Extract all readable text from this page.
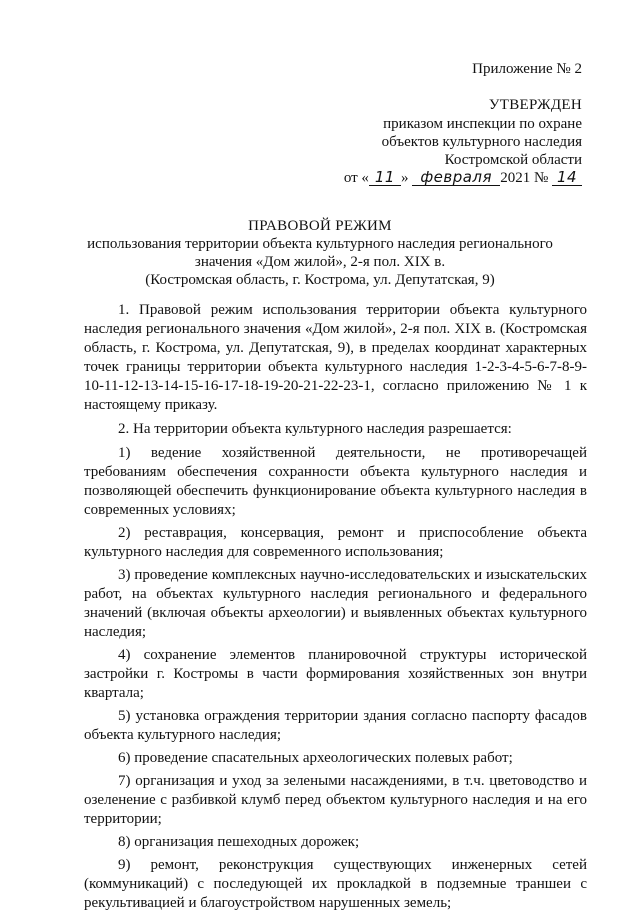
Приложение № 2
УТВЕРЖДЕН
приказом инспекции по охране
объектов культурного наследия
Костромской области
от « 11 » февраля 2021 № 14
ПРАВОВОЙ РЕЖИМ
использования территории объекта культурного наследия регионального
значения «Дом жилой», 2-я пол. XIX в.
(Костромская область, г. Кострома, ул. Депутатская, 9)

1. Правовой режим использования территории объекта культурного наследия регионального значения «Дом жилой», 2-я пол. XIX в. (Костромская область, г. Кострома, ул. Депутатская, 9), в пределах координат характерных точек границы территории объекта культурного наследия 1-2-3-4-5-6-7-8-9-10-11-12-13-14-15-16-17-18-19-20-21-22-23-1, согласно приложению № 1 к настоящему приказу.

2. На территории объекта культурного наследия разрешается:

1) ведение хозяйственной деятельности, не противоречащей требованиям обеспечения сохранности объекта культурного наследия и позволяющей обеспечить функционирование объекта культурного наследия в современных условиях;

2) реставрация, консервация, ремонт и приспособление объекта культурного наследия для современного использования;

3) проведение комплексных научно-исследовательских и изыскательских работ, на объектах культурного наследия регионального и федерального значений (включая объекты археологии) и выявленных объектах культурного наследия;

4) сохранение элементов планировочной структуры исторической застройки г. Костромы в части формирования хозяйственных зон внутри квартала;

5) установка ограждения территории здания согласно паспорту фасадов объекта культурного наследия;

6) проведение спасательных археологических полевых работ;

7) организация и уход за зелеными насаждениями, в т.ч. цветоводство и озеленение с разбивкой клумб перед объектом культурного наследия и на его территории;

8) организация пешеходных дорожек;

9) ремонт, реконструкция существующих инженерных сетей (коммуникаций) с последующей их прокладкой в подземные траншеи с рекультивацией и благоустройством нарушенных земель;
